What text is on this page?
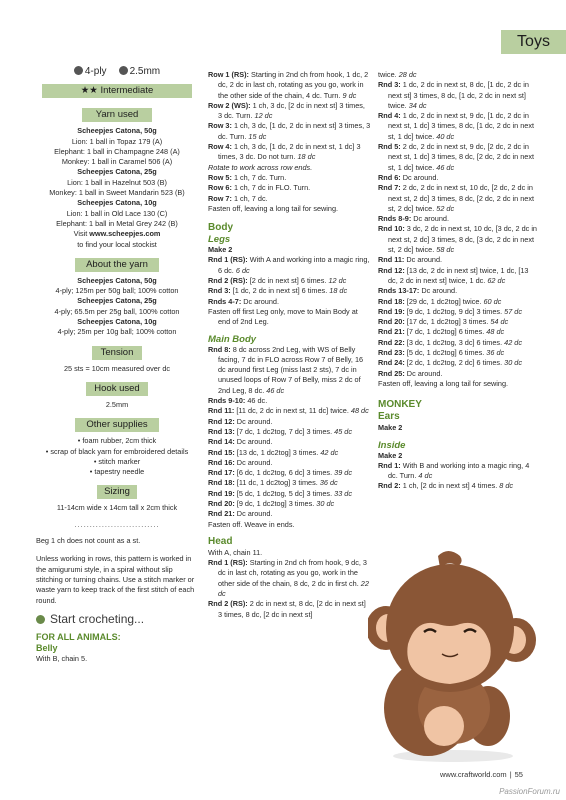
Toys
4-ply	2.5mm
★★ Intermediate
Yarn used
Scheepjes Catona, 50g
Lion: 1 ball in Topaz 179 (A)
Elephant: 1 ball in Champagne 248 (A)
Monkey: 1 ball in Caramel 506 (A)
Scheepjes Catona, 25g
Lion: 1 ball in Hazelnut 503 (B)
Monkey: 1 ball in Sweet Mandarin 523 (B)
Scheepjes Catona, 10g
Lion: 1 ball in Old Lace 130 (C)
Elephant: 1 ball in Metal Grey 242 (B)
Visit www.scheepjes.com
to find your local stockist
About the yarn
Scheepjes Catona, 50g
4-ply; 125m per 50g ball; 100% cotton
Scheepjes Catona, 25g
4-ply; 65.5m per 25g ball, 100% cotton
Scheepjes Catona, 10g
4-ply; 25m per 10g ball; 100% cotton
Tension
25 sts = 10cm measured over dc
Hook used
2.5mm
Other supplies
• foam rubber, 2cm thick
• scrap of black yarn for embroidered details
• stitch marker
• tapestry needle
Sizing
11-14cm wide x 14cm tall x 2cm thick
............................
Beg 1 ch does not count as a st.
Unless working in rows, this pattern is worked in the amigurumi style, in a spiral without slip stitching or turning chains. Use a stitch marker or waste yarn to keep track of the first stitch of each round.
Start crocheting...
FOR ALL ANIMALS:
Belly
With B, chain 5.
Row 1 (RS): Starting in 2nd ch from hook, 1 dc, 2 dc, 2 dc in last ch, rotating as you go, work in the other side of the chain, 4 dc. Turn. 9 dc
Row 2 (WS): 1 ch, 3 dc, [2 dc in next st] 3 times, 3 dc. Turn. 12 dc
Row 3: 1 ch, 3 dc, [1 dc, 2 dc in next st] 3 times, 3 dc. Turn. 15 dc
Row 4: 1 ch, 3 dc, [1 dc, 2 dc in next st, 1 dc] 3 times, 3 dc. Do not turn. 18 dc
Rotate to work across row ends.
Row 5: 1 ch, 7 dc. Turn.
Row 6: 1 ch, 7 dc in FLO. Turn.
Row 7: 1 ch, 7 dc.
Fasten off, leaving a long tail for sewing.
Body
Legs
Make 2
Rnd 1 (RS): With A and working into a magic ring, 6 dc. 6 dc
Rnd 2 (RS): [2 dc in next st] 6 times. 12 dc
Rnd 3: [1 dc, 2 dc in next st] 6 times. 18 dc
Rnds 4-7: Dc around.
Fasten off first Leg only, move to Main Body at end of 2nd Leg.
Main Body
Rnd 8: 8 dc across 2nd Leg, with WS of Belly facing, 7 dc in FLO across Row 7 of Belly, 16 dc around first Leg (miss last 2 sts), 7 dc in unused loops of Row 7 of Belly, miss 2 dc of 2nd Leg, 8 dc. 46 dc
Rnds 9-10: 46 dc.
Rnd 11: [11 dc, 2 dc in next st, 11 dc] twice. 48 dc
Rnd 12: Dc around.
Rnd 13: [7 dc, 1 dc2tog, 7 dc] 3 times. 45 dc
Rnd 14: Dc around.
Rnd 15: [13 dc, 1 dc2tog] 3 times. 42 dc
Rnd 16: Dc around.
Rnd 17: [6 dc, 1 dc2tog, 6 dc] 3 times. 39 dc
Rnd 18: [11 dc, 1 dc2tog] 3 times. 36 dc
Rnd 19: [5 dc, 1 dc2tog, 5 dc] 3 times. 33 dc
Rnd 20: [9 dc, 1 dc2tog] 3 times. 30 dc
Rnd 21: Dc around.
Fasten off. Weave in ends.
Head
With A, chain 11.
Rnd 1 (RS): Starting in 2nd ch from hook, 9 dc, 3 dc in last ch, rotating as you go, work in the other side of the chain, 8 dc, 2 dc in first ch. 22 dc
Rnd 2 (RS): 2 dc in next st, 8 dc, [2 dc in next st] 3 times, 8 dc, [2 dc in next st]
twice. 28 dc
Rnd 3: 1 dc, 2 dc in next st, 8 dc, [1 dc, 2 dc in next st] 3 times, 8 dc, [1 dc, 2 dc in next st] twice. 34 dc
Rnd 4: 1 dc, 2 dc in next st, 9 dc, [1 dc, 2 dc in next st, 1 dc] 3 times, 8 dc, [1 dc, 2 dc in next st, 1 dc] twice. 40 dc
Rnd 5: 2 dc, 2 dc in next st, 9 dc, [2 dc, 2 dc in next st, 1 dc] 3 times, 8 dc, [2 dc, 2 dc in next st, 1 dc] twice. 46 dc
Rnd 6: Dc around.
Rnd 7: 2 dc, 2 dc in next st, 10 dc, [2 dc, 2 dc in next st, 2 dc] 3 times, 8 dc, [2 dc, 2 dc in next st, 2 dc] twice. 52 dc
Rnds 8-9: Dc around.
Rnd 10: 3 dc, 2 dc in next st, 10 dc, [3 dc, 2 dc in next st, 2 dc] 3 times, 8 dc, [3 dc, 2 dc in next st, 2 dc] twice. 58 dc
Rnd 11: Dc around.
Rnd 12: [13 dc, 2 dc in next st] twice, 1 dc, [13 dc, 2 dc in next st] twice, 1 dc. 62 dc
Rnds 13-17: Dc around.
Rnd 18: [29 dc, 1 dc2tog] twice. 60 dc
Rnd 19: [9 dc, 1 dc2tog, 9 dc] 3 times. 57 dc
Rnd 20: [17 dc, 1 dc2tog] 3 times. 54 dc
Rnd 21: [7 dc, 1 dc2tog] 6 times. 48 dc
Rnd 22: [3 dc, 1 dc2tog, 3 dc] 6 times. 42 dc
Rnd 23: [5 dc, 1 dc2tog] 6 times. 36 dc
Rnd 24: [2 dc, 1 dc2tog, 2 dc] 6 times. 30 dc
Rnd 25: Dc around.
Fasten off, leaving a long tail for sewing.
MONKEY
Ears
Make 2
Inside
Make 2
Rnd 1: With B and working into a magic ring, 4 dc. Turn. 4 dc
Rnd 2: 1 ch, [2 dc in next st] 4 times. 8 dc
www.craftworld.com | 55
PassionForum.ru
